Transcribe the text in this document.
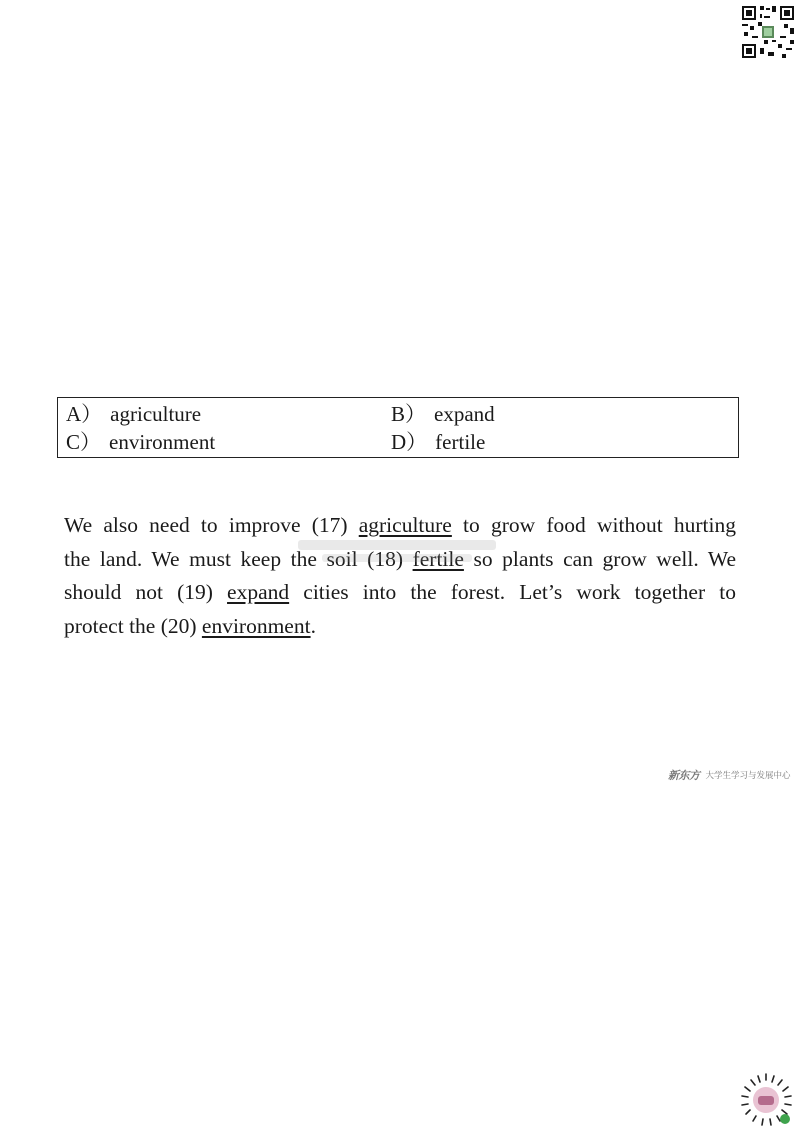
A） agriculture	B） expand
C） environment	D） fertile
We also need to improve (17) agriculture to grow food without hurting
the land. We must keep the soil (18) fertile so plants can grow well. We
should not (19) expand cities into the forest. Let’s work together to
protect the (20) environment.
新东方 大学生学习与发展中心
